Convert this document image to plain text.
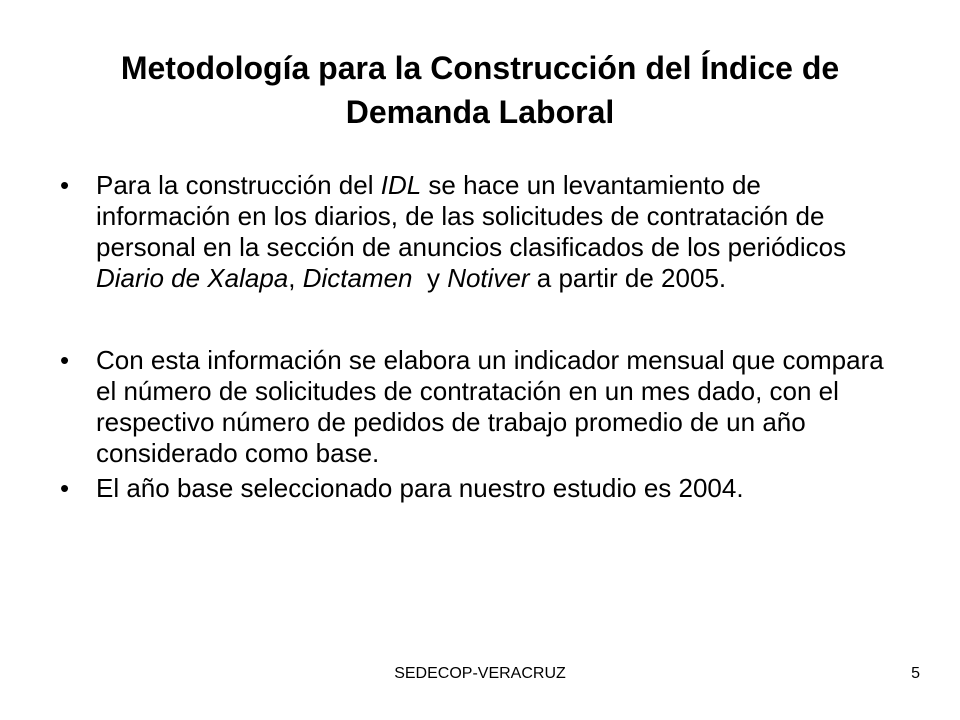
Metodología para la Construcción del Índice de
Demanda Laboral
•	Para la construcción del IDL se hace un levantamiento de información en los diarios, de las solicitudes de contratación de personal en la sección de anuncios clasificados de los periódicos Diario de Xalapa, Dictamen  y Notiver a partir de 2005.
•	Con esta información se elabora un indicador mensual que compara el número de solicitudes de contratación en un mes dado, con el respectivo número de pedidos de trabajo promedio de un año considerado como base.
•	El año base seleccionado para nuestro estudio es 2004.
SEDECOP-VERACRUZ	5
